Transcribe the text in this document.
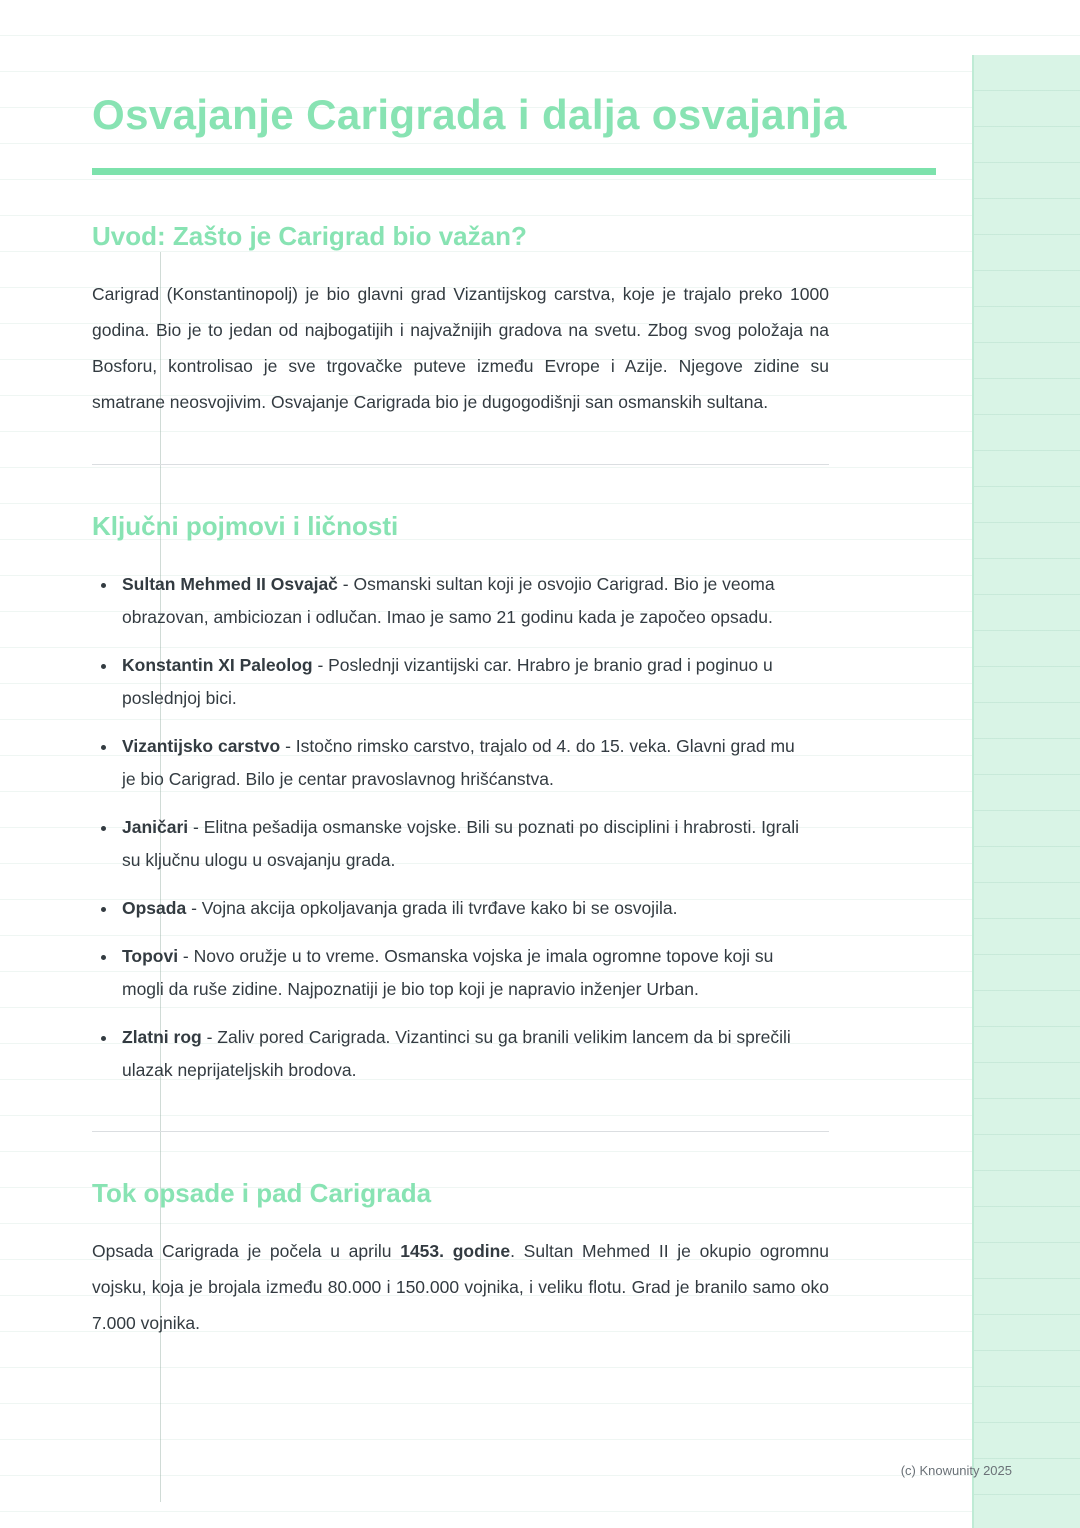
Osvajanje Carigrada i dalja osvajanja
Uvod: Zašto je Carigrad bio važan?

Carigrad (Konstantinopolj) je bio glavni grad Vizantijskog carstva, koje je trajalo preko 1000 godina. Bio je to jedan od najbogatijih i najvažnijih gradova na svetu. Zbog svog položaja na Bosforu, kontrolisao je sve trgovačke puteve između Evrope i Azije. Njegove zidine su smatrane neosvojivim. Osvajanje Carigrada bio je dugogodišnji san osmanskih sultana.

Ključni pojmovi i ličnosti
• Sultan Mehmed II Osvajač - Osmanski sultan koji je osvojio Carigrad. Bio je veoma obrazovan, ambiciozan i odlučan. Imao je samo 21 godinu kada je započeo opsadu.
• Konstantin XI Paleolog - Poslednji vizantijski car. Hrabro je branio grad i poginuo u poslednjoj bici.
• Vizantijsko carstvo - Istočno rimsko carstvo, trajalo od 4. do 15. veka. Glavni grad mu je bio Carigrad. Bilo je centar pravoslavnog hrišćanstva.
• Janičari - Elitna pešadija osmanske vojske. Bili su poznati po disciplini i hrabrosti. Igrali su ključnu ulogu u osvajanju grada.
• Opsada - Vojna akcija opkoljavanja grada ili tvrđave kako bi se osvojila.
• Topovi - Novo oružje u to vreme. Osmanska vojska je imala ogromne topove koji su mogli da ruše zidine. Najpoznatiji je bio top koji je napravio inženjer Urban.
• Zlatni rog - Zaliv pored Carigrada. Vizantinci su ga branili velikim lancem da bi sprečili ulazak neprijateljskih brodova.
Tok opsade i pad Carigrada

Opsada Carigrada je počela u aprilu 1453. godine. Sultan Mehmed II je okupio ogromnu vojsku, koja je brojala između 80.000 i 150.000 vojnika, i veliku flotu. Grad je branilo samo oko 7.000 vojnika.

(c) Knowunity 2025
